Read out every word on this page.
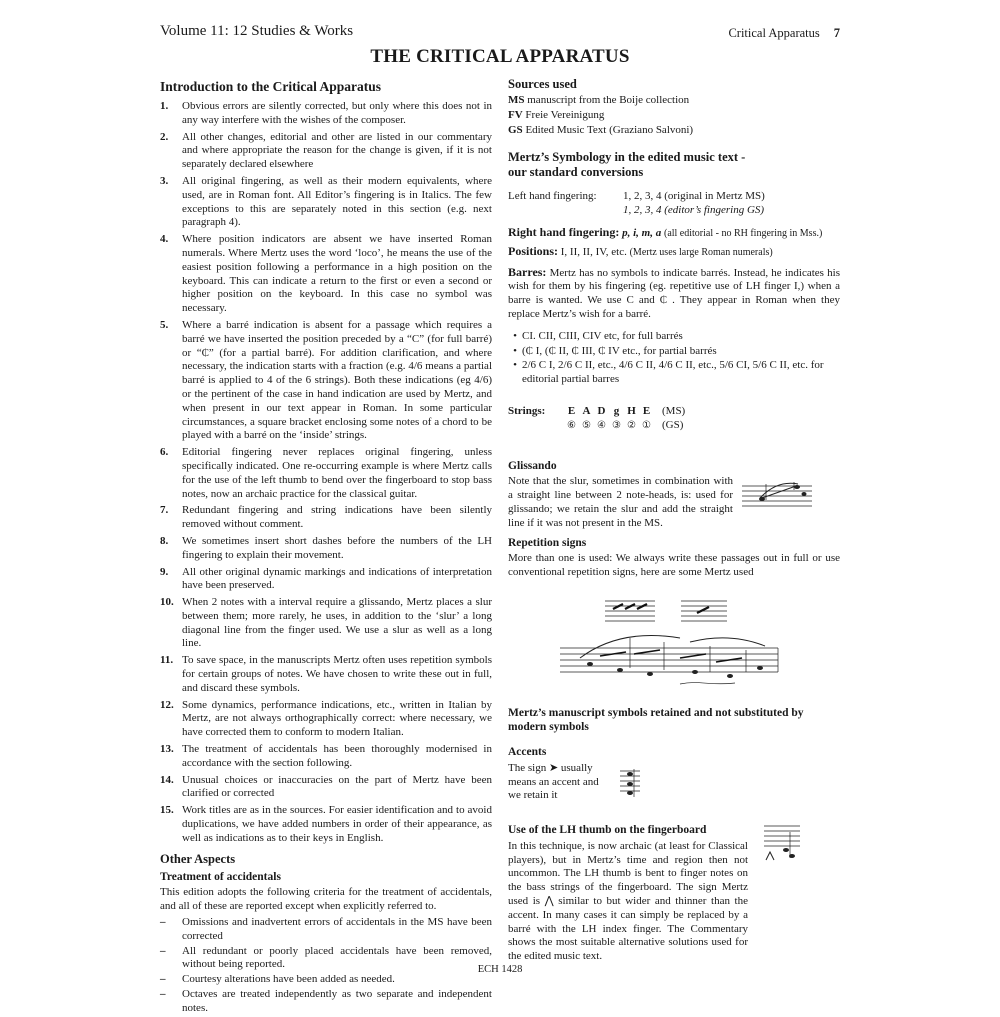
Volume 11: 12 Studies & Works	Critical Apparatus 7
THE CRITICAL APPARATUS
Introduction to the Critical Apparatus
1.	Obvious errors are silently corrected, but only where this does not in any way interfere with the wishes of the composer.
2.	All other changes, editorial and other are listed in our commentary and where appropriate the reason for the change is given, if it is not separately declared elsewhere
3.	All original fingering, as well as their modern equivalents, where used, are in Roman font. All Editor’s fingering is in Italics. The few exceptions to this are separately noted in this section (e.g. next paragraph 4).
4.	Where position indicators are absent we have inserted Roman numerals. Where Mertz uses the word ‘loco’, he means the use of the easiest position following a performance in a high position on the keyboard. This can indicate a return to the first or even a second or higher position on the keyboard. In this case no symbol was necessary.
5.	Where a barré indication is absent for a passage which requires a barré we have inserted the position preceded by a “C” (for full barré) or “₵” (for a partial barré). For addition clarification, and where necessary, the indication starts with a fraction (e.g. 4/6 means a partial barré is applied to 4 of the 6 strings). Both these indications (eg 4/6) or the pertinent of the case in hand indication are used by Mertz, and when present in our text appear in Roman. In some particular circumstances, a square bracket enclosing some notes of a chord to be played with a barré on the ‘inside’ strings.
6.	Editorial fingering never replaces original fingering, unless specifically indicated. One re-occurring example is where Mertz calls for the use of the left thumb to bend over the fingerboard to stop bass notes, now an archaic practice for the classical guitar.
7.	Redundant fingering and string indications have been silently removed without comment.
8.	We sometimes insert short dashes before the numbers of the LH fingering to explain their movement.
9.	All other original dynamic markings and indications of interpretation have been preserved.
10. When 2 notes with a interval require a glissando, Mertz places a slur between them; more rarely, he uses, in addition to the ‘slur’ a long diagonal line from the finger used. We use a slur as well as a long line.
11. To save space, in the manuscripts Mertz often uses repetition symbols for certain groups of notes. We have chosen to write these out in full, and discard these symbols.
12. Some dynamics, performance indications, etc., written in Italian by Mertz, are not always orthographically correct: where necessary, we have corrected them to conform to modern Italian.
13. The treatment of accidentals has been thoroughly modernised in accordance with the section following.
14. Unusual choices or inaccuracies on the part of Mertz have been clarified or corrected
15. Work titles are as in the sources. For easier identification and to avoid duplications, we have added numbers in order of their appearance, as well as indications as to their keys in English.
Other Aspects
Treatment of accidentals
This edition adopts the following criteria for the treatment of accidentals, and all of these are reported except when explicitly referred to.
–	Omissions and inadvertent errors of accidentals in the MS have been corrected
–	All redundant or poorly placed accidentals have been removed, without being reported.
–	Courtesy alterations have been added as needed.
–	Octaves are treated independently as two separate and independent notes.
Sources used
MS manuscript from the Boije collection
FV Freie Vereinigung
GS Edited Music Text (Graziano Salvoni)
Mertz’s Symbology in the edited music text -
our standard conversions
Left hand fingering:	1, 2, 3, 4 (original in Mertz MS)
1, 2, 3, 4 (editor’s fingering GS)
Right hand fingering: p, i, m, a (all editorial - no RH fingering in Mss.)
Positions: I, II, II, IV, etc. (Mertz uses large Roman numerals)
Barres: Mertz has no symbols to indicate barrés. Instead, he indicates his wish for them by his fingering (eg. repetitive use of LH finger I,) when a barre is wanted. We use C and ₵ . They appear in Roman when they replace Mertz’s wish for a barré.
• CI. CII, CIII, CIV etc, for full barrés
• (₵ I, (₵ II, ₵ III, ₵ IV etc., for partial barrés
• 2/6 C I, 2/6 C II, etc., 4/6 C II, 4/6 C II, etc., 5/6 CI, 5/6 C II, etc. for editorial partial barres
Strings:	E A D g H E	(MS)
⑥ ⑤ ④ ③ ② ① (GS)
Glissando
Note that the slur, sometimes in combination with a straight line between 2 note-heads, is: used for glissando; we retain the slur and add the straight line if it was not present in the MS.
Repetition signs
More than one is used: We always write these passages out in full or use conventional repetition signs, here are some Mertz used
Mertz’s manuscript symbols retained and not substituted by modern symbols
Accents
The sign ➤ usually means an accent and we retain it
Use of the LH thumb on the fingerboard
In this technique, is now archaic (at least for Classical players), but in Mertz’s time and region then not uncommon. The LH thumb is bent to finger notes on the bass strings of the fingerboard. The sign Mertz used is ⋀ similar to but wider and thinner than the accent. In many cases it can simply be replaced by a barré with the LH index finger. The Commentary shows the most suitable alternative solutions used for the edited music text.
ECH 1428
